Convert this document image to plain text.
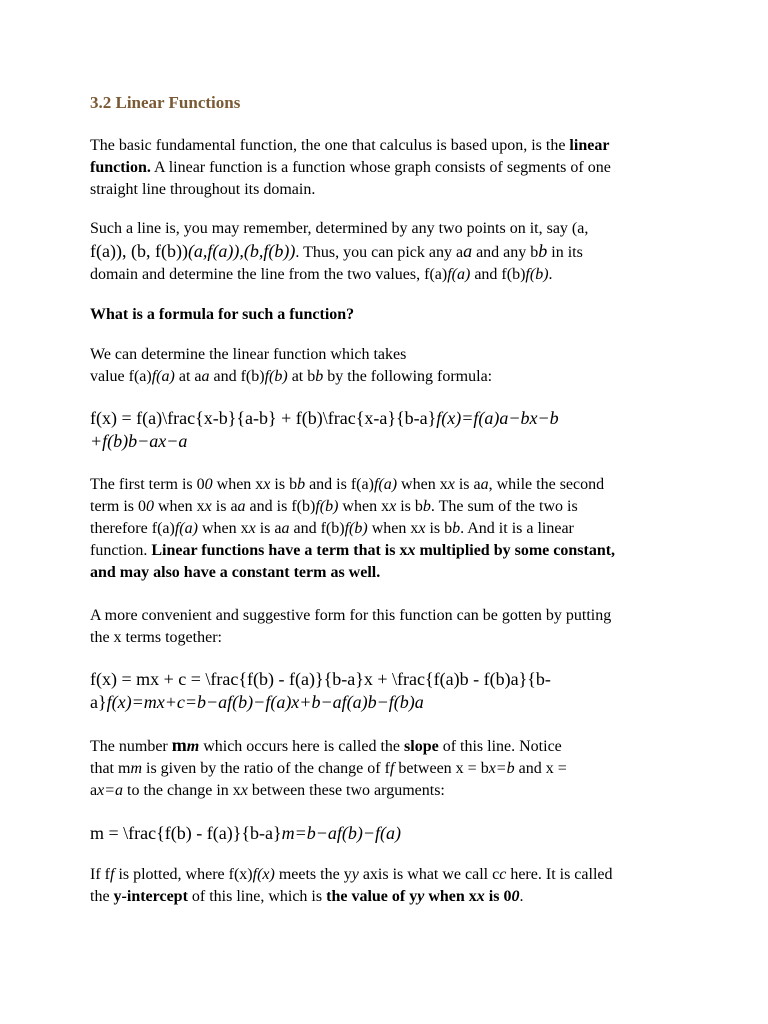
3.2 Linear Functions
The basic fundamental function, the one that calculus is based upon, is the linear
function. A linear function is a function whose graph consists of segments of one
straight line throughout its domain.
Such a line is, you may remember, determined by any two points on it, say (a,
f(a)), (b, f(b))(a,f(a)),(b,f(b)). Thus, you can pick any aa and any bb in its
domain and determine the line from the two values, f(a)f(a) and f(b)f(b).
What is a formula for such a function?
We can determine the linear function which takes
value f(a)f(a) at aa and f(b)f(b) at bb by the following formula:
f(x) = f(a)\frac{x-b}{a-b} + f(b)\frac{x-a}{b-a}f(x)=f(a)a−bx−b
+f(b)b−ax−a
The first term is 00 when xx is bb and is f(a)f(a) when xx is aa, while the second
term is 00 when xx is aa and is f(b)f(b) when xx is bb. The sum of the two is
therefore f(a)f(a) when xx is aa and f(b)f(b) when xx is bb. And it is a linear
function. Linear functions have a term that is xx multiplied by some constant,
and may also have a constant term as well.
A more convenient and suggestive form for this function can be gotten by putting
the x terms together:
f(x) = mx + c = \frac{f(b) - f(a)}{b-a}x + \frac{f(a)b - f(b)a}{b-
a}f(x)=mx+c=b−af(b)−f(a)x+b−af(a)b−f(b)a
The number mm which occurs here is called the slope of this line. Notice
that mm is given by the ratio of the change of ff between x = bx=b and x =
ax=a to the change in xx between these two arguments:
m = \frac{f(b) - f(a)}{b-a}m=b−af(b)−f(a)
If ff is plotted, where f(x)f(x) meets the yy axis is what we call cc here. It is called
the y-intercept of this line, which is the value of yy when xx is 00.
